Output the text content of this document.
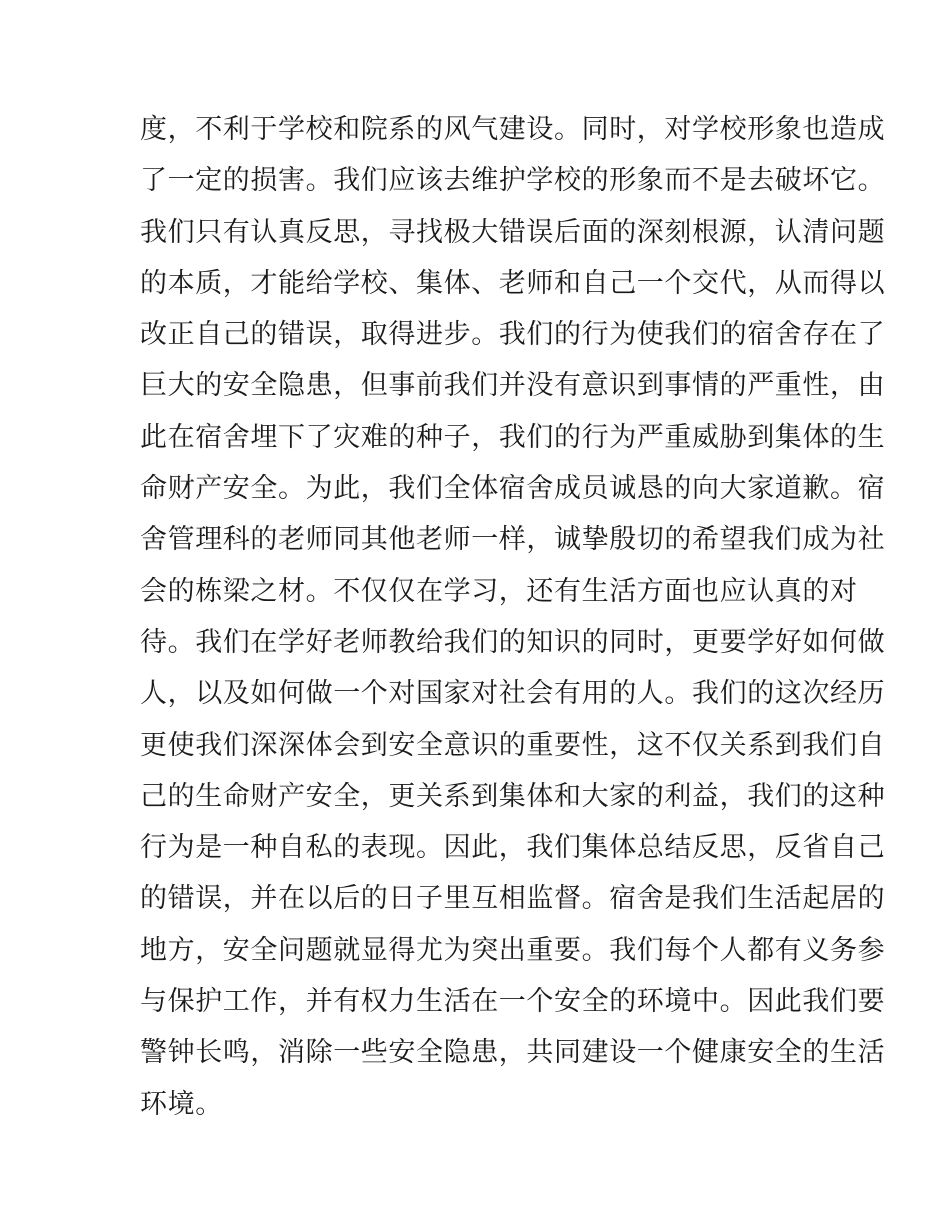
度，不利于学校和院系的风气建设。同时，对学校形象也造成
了一定的损害。我们应该去维护学校的形象而不是去破坏它。
我们只有认真反思，寻找极大错误后面的深刻根源，认清问题
的本质，才能给学校、集体、老师和自己一个交代，从而得以
改正自己的错误，取得进步。我们的行为使我们的宿舍存在了
巨大的安全隐患，但事前我们并没有意识到事情的严重性，由
此在宿舍埋下了灾难的种子，我们的行为严重威胁到集体的生
命财产安全。为此，我们全体宿舍成员诚恳的向大家道歉。宿
舍管理科的老师同其他老师一样，诚挚殷切的希望我们成为社
会的栋梁之材。不仅仅在学习，还有生活方面也应认真的对
待。我们在学好老师教给我们的知识的同时，更要学好如何做
人，以及如何做一个对国家对社会有用的人。我们的这次经历
更使我们深深体会到安全意识的重要性，这不仅关系到我们自
己的生命财产安全，更关系到集体和大家的利益，我们的这种
行为是一种自私的表现。因此，我们集体总结反思，反省自己
的错误，并在以后的日子里互相监督。宿舍是我们生活起居的
地方，安全问题就显得尤为突出重要。我们每个人都有义务参
与保护工作，并有权力生活在一个安全的环境中。因此我们要
警钟长鸣，消除一些安全隐患，共同建设一个健康安全的生活
环境。
